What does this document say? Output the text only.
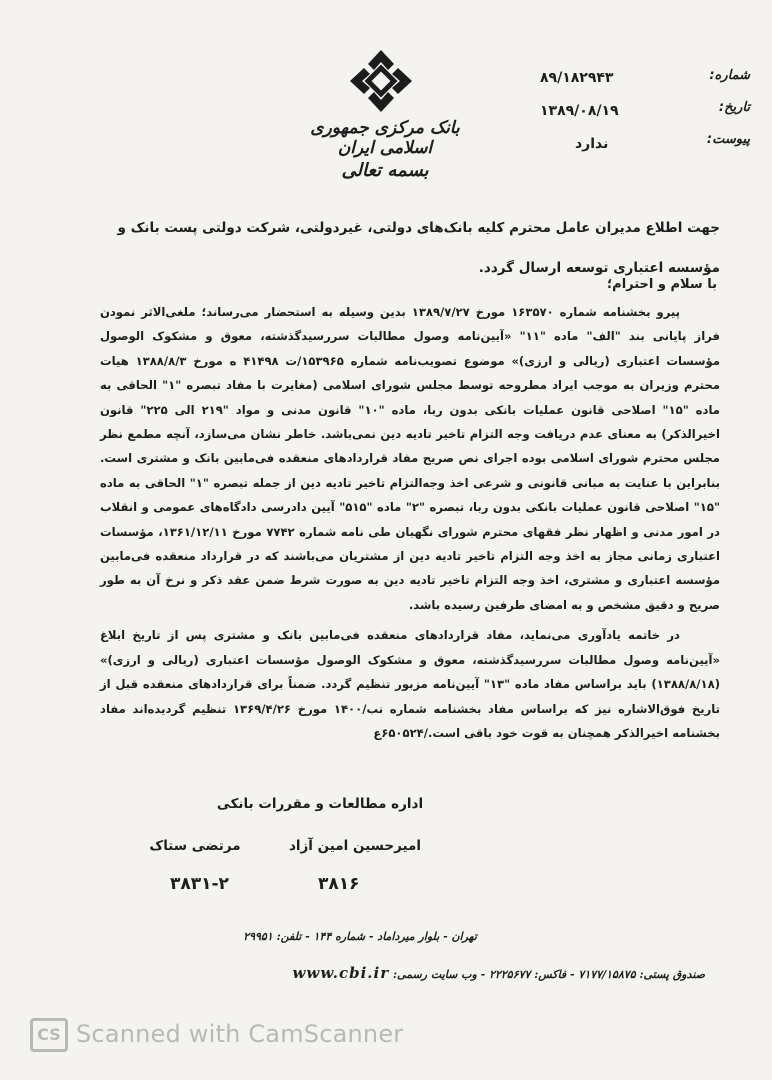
بانک مرکزی جمهوری اسلامی ایران
بسمه تعالی
شماره:
۸۹/۱۸۲۹۴۳
تاریخ:
۱۳۸۹/۰۸/۱۹
پیوست:
ندارد
جهت اطلاع مدیران عامل محترم کلیه بانک‌های دولتی، غیردولتی، شرکت دولتی پست بانک و مؤسسه اعتباری توسعه ارسال گردد.
با سلام و احترام؛

پیرو بخشنامه شماره ۱۶۳۵۷۰ مورخ ۱۳۸۹/۷/۲۷ بدین وسیله به استحضار می‌رساند؛ ملغی‌الاثر نمودن فراز پایانی بند "الف" ماده "۱۱" «آیین‌نامه وصول مطالبات سررسیدگذشته، معوق و مشکوک الوصول مؤسسات اعتباری (ریالی و ارزی)» موضوع تصویب‌نامه شماره ۱۵۳۹۶۵/ت ۴۱۴۹۸ ه مورخ ۱۳۸۸/۸/۳ هیات محترم وزیران به موجب ایراد مطروحه توسط مجلس شورای اسلامی (مغایرت با مفاد تبصره "۱" الحاقی به ماده "۱۵" اصلاحی قانون عملیات بانکی بدون ربا، ماده "۱۰" قانون مدنی و مواد "۲۱۹ الی ۲۲۵" قانون اخیرالذکر) به معنای عدم دریافت وجه التزام تاخیر تادیه دین نمی‌باشد. خاطر نشان می‌سازد، آنچه مطمع نظر مجلس محترم شورای اسلامی بوده اجرای نص صریح مفاد قراردادهای منعقده فی‌مابین بانک و مشتری است. بنابراین با عنایت به مبانی قانونی و شرعی اخذ وجه‌التزام تاخیر تادیه دین از جمله تبصره "۱" الحاقی به ماده "۱۵" اصلاحی قانون عملیات بانکی بدون ربا، تبصره "۲" ماده "۵۱۵" آیین دادرسی دادگاه‌های عمومی و انقلاب در امور مدنی و اظهار نظر فقهای محترم شورای نگهبان طی نامه شماره ۷۷۴۲ مورخ ۱۳۶۱/۱۲/۱۱، مؤسسات اعتباری زمانی مجاز به اخذ وجه التزام تاخیر تادیه دین از مشتریان می‌باشند که در قرارداد منعقده فی‌مابین مؤسسه اعتباری و مشتری، اخذ وجه التزام تاخیر تادیه دین به صورت شرط ضمن عقد ذکر و نرخ آن به طور صریح و دقیق مشخص و به امضای طرفین رسیده باشد.

در خاتمه یادآوری می‌نماید، مفاد قراردادهای منعقده فی‌مابین بانک و مشتری پس از تاریخ ابلاغ «آیین‌نامه وصول مطالبات سررسیدگذشته، معوق و مشکوک الوصول مؤسسات اعتباری (ریالی و ارزی)» (۱۳۸۸/۸/۱۸) باید براساس مفاد ماده "۱۳" آیین‌نامه مزبور تنظیم گردد. ضمناً برای قراردادهای منعقده قبل از تاریخ فوق‌الاشاره نیز که براساس مفاد بخشنامه شماره نب/۱۴۰۰ مورخ ۱۳۶۹/۴/۲۶ تنظیم گردیده‌اند مفاد بخشنامه اخیرالذکر همچنان به قوت خود باقی است./۶۵۰۵۲۴ع

اداره مطالعات و مقررات بانکی
امیرحسین امین آزاد
مرتضی ستاک
۳۸۱۶
۳۸۳۱-۲
تهران - بلوار میرداماد - شماره ۱۴۴ - تلفن: ۲۹۹۵۱
صندوق پستی: ۷۱۷۷/۱۵۸۷۵ - فاکس: ۲۲۲۵۶۷۷ - وب سایت رسمی: www.cbi.ir
CS Scanned with CamScanner
